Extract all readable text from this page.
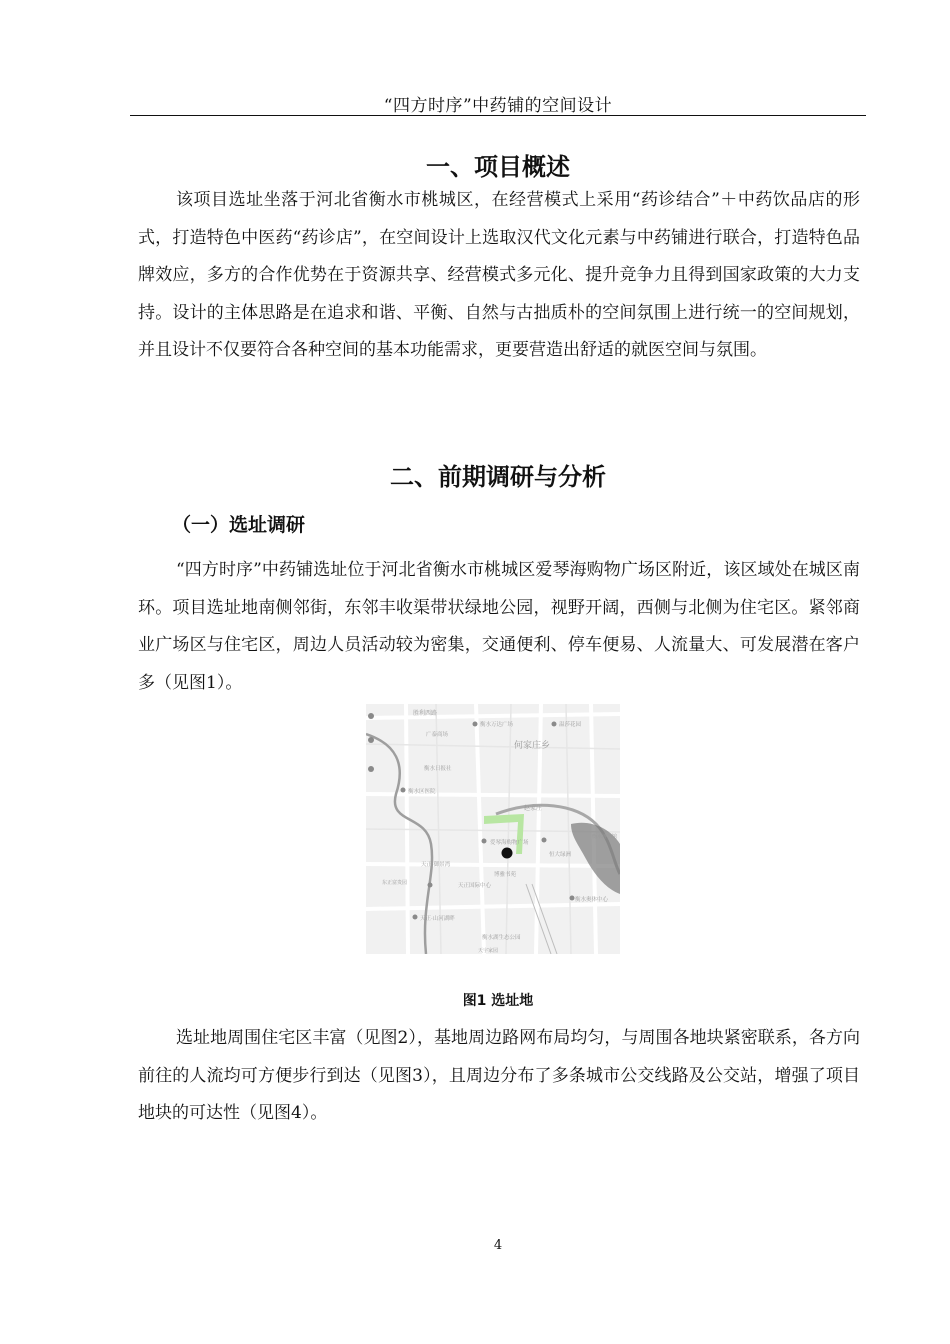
“四方时序”中药铺的空间设计
一、项目概述

该项目选址坐落于河北省衡水市桃城区，在经营模式上采用“药诊结合”＋中药饮品店的形式，打造特色中医药“药诊店”，在空间设计上选取汉代文化元素与中药铺进行联合，打造特色品牌效应，多方的合作优势在于资源共享、经营模式多元化、提升竞争力且得到国家政策的大力支持。设计的主体思路是在追求和谐、平衡、自然与古拙质朴的空间氛围上进行统一的空间规划，并且设计不仅要符合各种空间的基本功能需求，更要营造出舒适的就医空间与氛围。

二、前期调研与分析
（一）选址调研

“四方时序”中药铺选址位于河北省衡水市桃城区爱琴海购物广场区附近，该区域处在城区南环。项目选址地南侧邻街，东邻丰收渠带状绿地公园，视野开阔，西侧与北侧为住宅区。紧邻商业广场区与住宅区，周边人员活动较为密集，交通便利、停车便易、人流量大、可发展潜在客户多（见图1）。

胜利西路
衡水万达广场	温莎花园
广泰商场
何家庄乡
衡水日报社
衡水区医院
赵家庄
爱琴海购物广场
衡水博物馆
恒大绿洲
天正·御景湾
博雅书苑
衡水奥体中心
天正国际中心
东正富贵园
天正·山河湖畔
衡水湖生态公园
天宇家园
图1 选址地

选址地周围住宅区丰富（见图2），基地周边路网布局均匀，与周围各地块紧密联系，各方向前往的人流均可方便步行到达（见图3），且周边分布了多条城市公交线路及公交站，增强了项目地块的可达性（见图4）。

4
